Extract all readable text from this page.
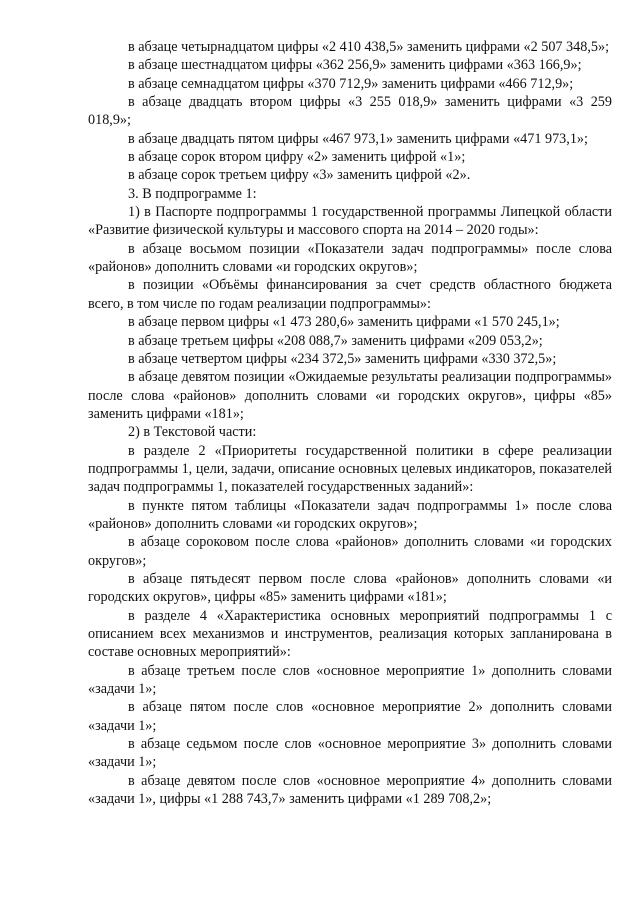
в абзаце четырнадцатом цифры «2 410 438,5» заменить цифрами «2 507 348,5»;

в абзаце шестнадцатом цифры «362 256,9» заменить цифрами «363 166,9»;

в абзаце семнадцатом цифры «370 712,9» заменить цифрами «466 712,9»;

в абзаце двадцать втором цифры «3 255 018,9» заменить цифрами «3 259 018,9»;

в абзаце двадцать пятом цифры «467 973,1» заменить цифрами «471 973,1»;

в абзаце сорок втором цифру «2» заменить цифрой «1»;

в абзаце сорок третьем цифру «3» заменить цифрой «2».

3. В подпрограмме 1:

1) в Паспорте подпрограммы 1 государственной программы Липецкой области «Развитие физической культуры и массового спорта на 2014 – 2020 годы»:

в абзаце восьмом позиции «Показатели задач подпрограммы» после слова «районов» дополнить словами «и городских округов»;

в позиции «Объёмы финансирования за счет средств областного бюджета всего, в том числе по годам реализации подпрограммы»:

в абзаце первом цифры «1 473 280,6» заменить цифрами «1 570 245,1»;

в абзаце третьем цифры «208 088,7» заменить цифрами «209 053,2»;

в абзаце четвертом цифры «234 372,5» заменить цифрами «330 372,5»;

в абзаце девятом позиции «Ожидаемые результаты реализации подпрограммы» после слова «районов» дополнить словами «и городских округов», цифры «85» заменить цифрами «181»;

2) в Текстовой части:

в разделе 2 «Приоритеты государственной политики в сфере реализации подпрограммы 1, цели, задачи, описание основных целевых индикаторов, показателей задач подпрограммы 1, показателей государственных заданий»:

в пункте пятом таблицы «Показатели задач подпрограммы 1» после слова «районов» дополнить словами «и городских округов»;

в абзаце сороковом после слова «районов» дополнить словами «и городских округов»;

в абзаце пятьдесят первом после слова «районов» дополнить словами «и городских округов», цифры «85» заменить цифрами «181»;

в разделе 4 «Характеристика основных мероприятий подпрограммы 1 с описанием всех механизмов и инструментов, реализация которых запланирована в составе основных мероприятий»:

в абзаце третьем после слов «основное мероприятие 1» дополнить словами «задачи 1»;

в абзаце пятом после слов «основное мероприятие 2» дополнить словами «задачи 1»;

в абзаце седьмом после слов «основное мероприятие 3» дополнить словами «задачи 1»;

в абзаце девятом после слов «основное мероприятие 4» дополнить словами «задачи 1», цифры «1 288 743,7» заменить цифрами «1 289 708,2»;
